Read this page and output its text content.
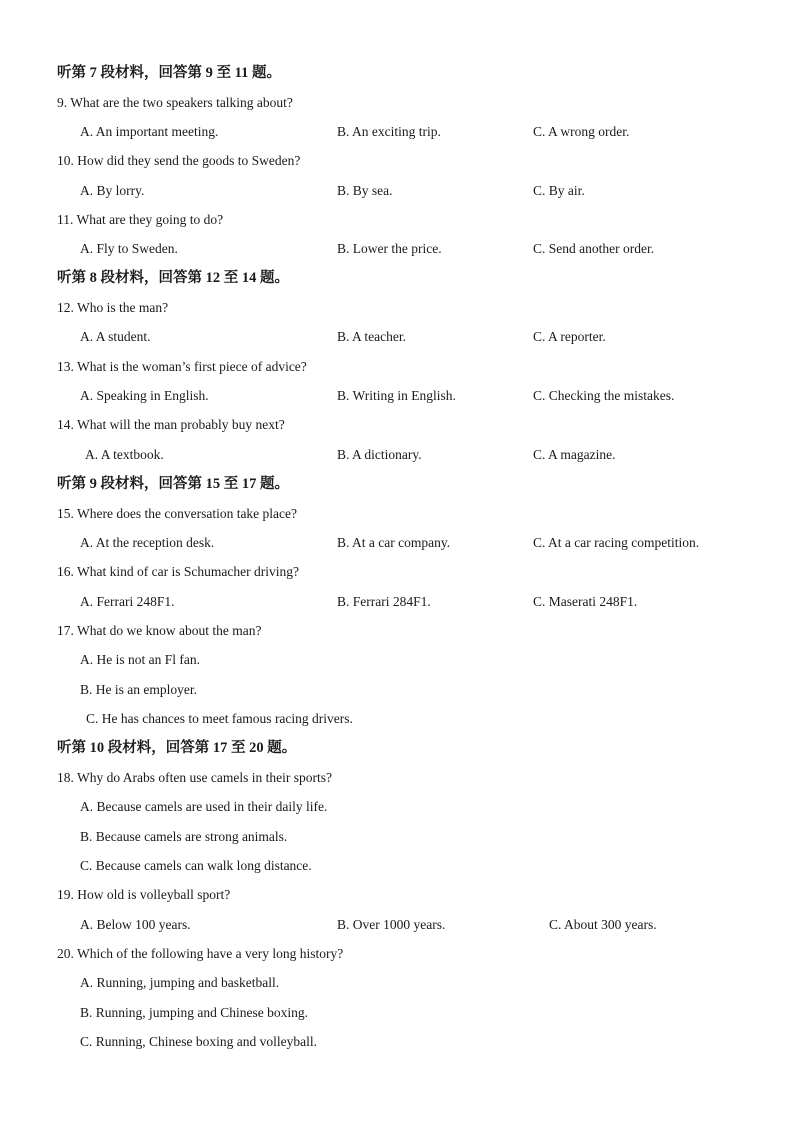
听第 7 段材料，回答第 9 至 11 题。
9. What are the two speakers talking about?
A. An important meeting.	B. An exciting trip.	C. A wrong order.
10. How did they send the goods to Sweden?
A. By lorry.	B. By sea.	C. By air.
11. What are they going to do?
A. Fly to Sweden.	B. Lower the price.	C. Send another order.
听第 8 段材料，回答第 12 至 14 题。
12. Who is the man?
A. A student.	B. A teacher.	C. A reporter.
13. What is the woman’s first piece of advice?
A. Speaking in English.	B. Writing in English.	C. Checking the mistakes.
14. What will the man probably buy next?
A. A textbook.	B. A dictionary.	C. A magazine.
听第 9 段材料，回答第 15 至 17 题。
15. Where does the conversation take place?
A. At the reception desk.	B. At a car company.	C. At a car racing competition.
16. What kind of car is Schumacher driving?
A. Ferrari 248F1.	B. Ferrari 284F1.	C. Maserati 248F1.
17. What do we know about the man?
A. He is not an Fl fan.
B. He is an employer.
C. He has chances to meet famous racing drivers.
听第 10 段材料，回答第 17 至 20 题。
18. Why do Arabs often use camels in their sports?
A. Because camels are used in their daily life.
B. Because camels are strong animals.
C. Because camels can walk long distance.
19. How old is volleyball sport?
A. Below 100 years.	B. Over 1000 years.	C. About 300 years.
20. Which of the following have a very long history?
A. Running, jumping and basketball.
B. Running, jumping and Chinese boxing.
C. Running, Chinese boxing and volleyball.
